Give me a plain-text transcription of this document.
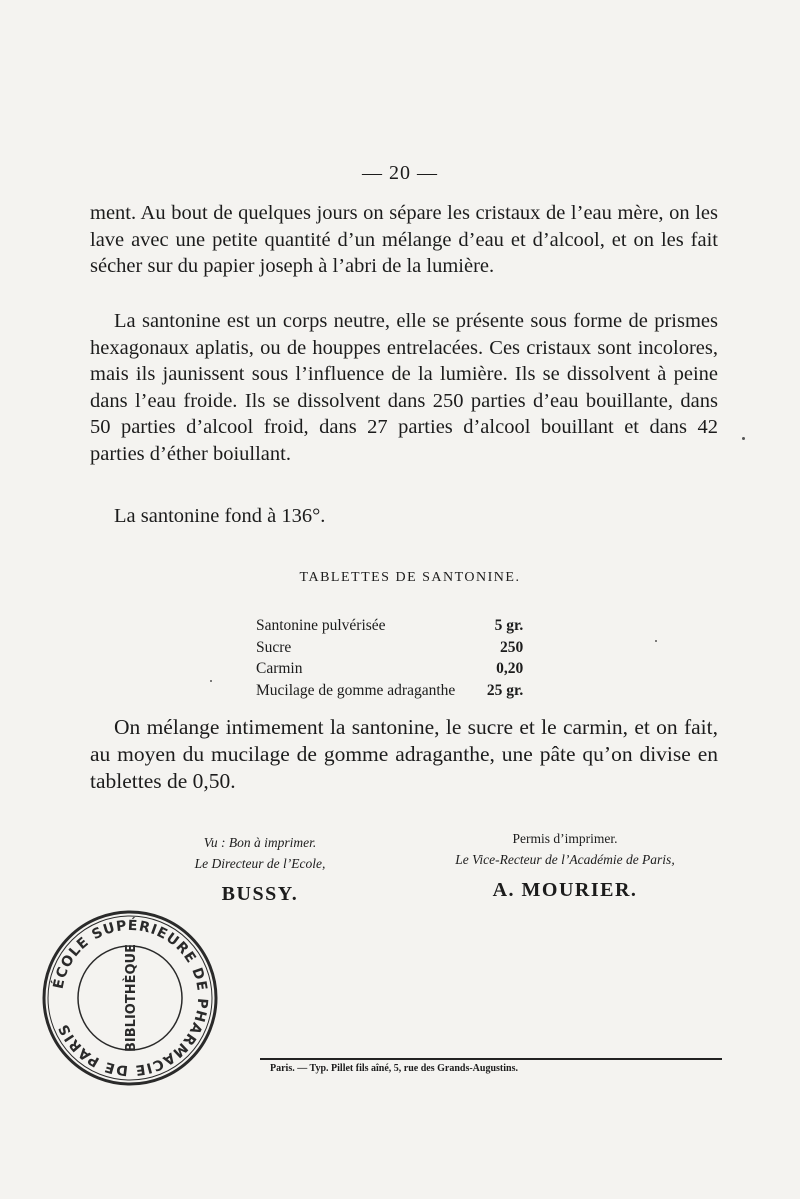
— 20 —

ment. Au bout de quelques jours on sépare les cristaux de l’eau mère, on les lave avec une petite quantité d’un mélange d’eau et d’alcool, et on les fait sécher sur du papier joseph à l’abri de la lumière.

La santonine est un corps neutre, elle se présente sous forme de prismes hexagonaux aplatis, ou de houppes entrelacées. Ces cristaux sont incolores, mais ils jaunissent sous l’influence de la lumière. Ils se dissolvent à peine dans l’eau froide. Ils se dissolvent dans 250 parties d’eau bouillante, dans 50 parties d’alcool froid, dans 27 parties d’alcool bouillant et dans 42 parties d’éther boiullant.

La santonine fond à 136°.

TABLETTES DE SANTONINE.
Santonine pulvérisée	5 gr.
Sucre	250
Carmin	0,20
Mucilage de gomme adraganthe	25 gr.

On mélange intimement la santonine, le sucre et le carmin, et on fait, au moyen du mucilage de gomme adraganthe, une pâte qu’on divise en tablettes de 0,50.

Vu : Bon à imprimer.
Le Directeur de l’Ecole,
BUSSY.
Permis d’imprimer.
Le Vice-Recteur de l’Académie de Paris,
A. MOURIER.
ÉCOLE SUPÉRIEURE DE PHARMACIE DE PARIS	BIBLIOTHÈQUE
Paris. — Typ. Pillet fils aîné, 5, rue des Grands-Augustins.
